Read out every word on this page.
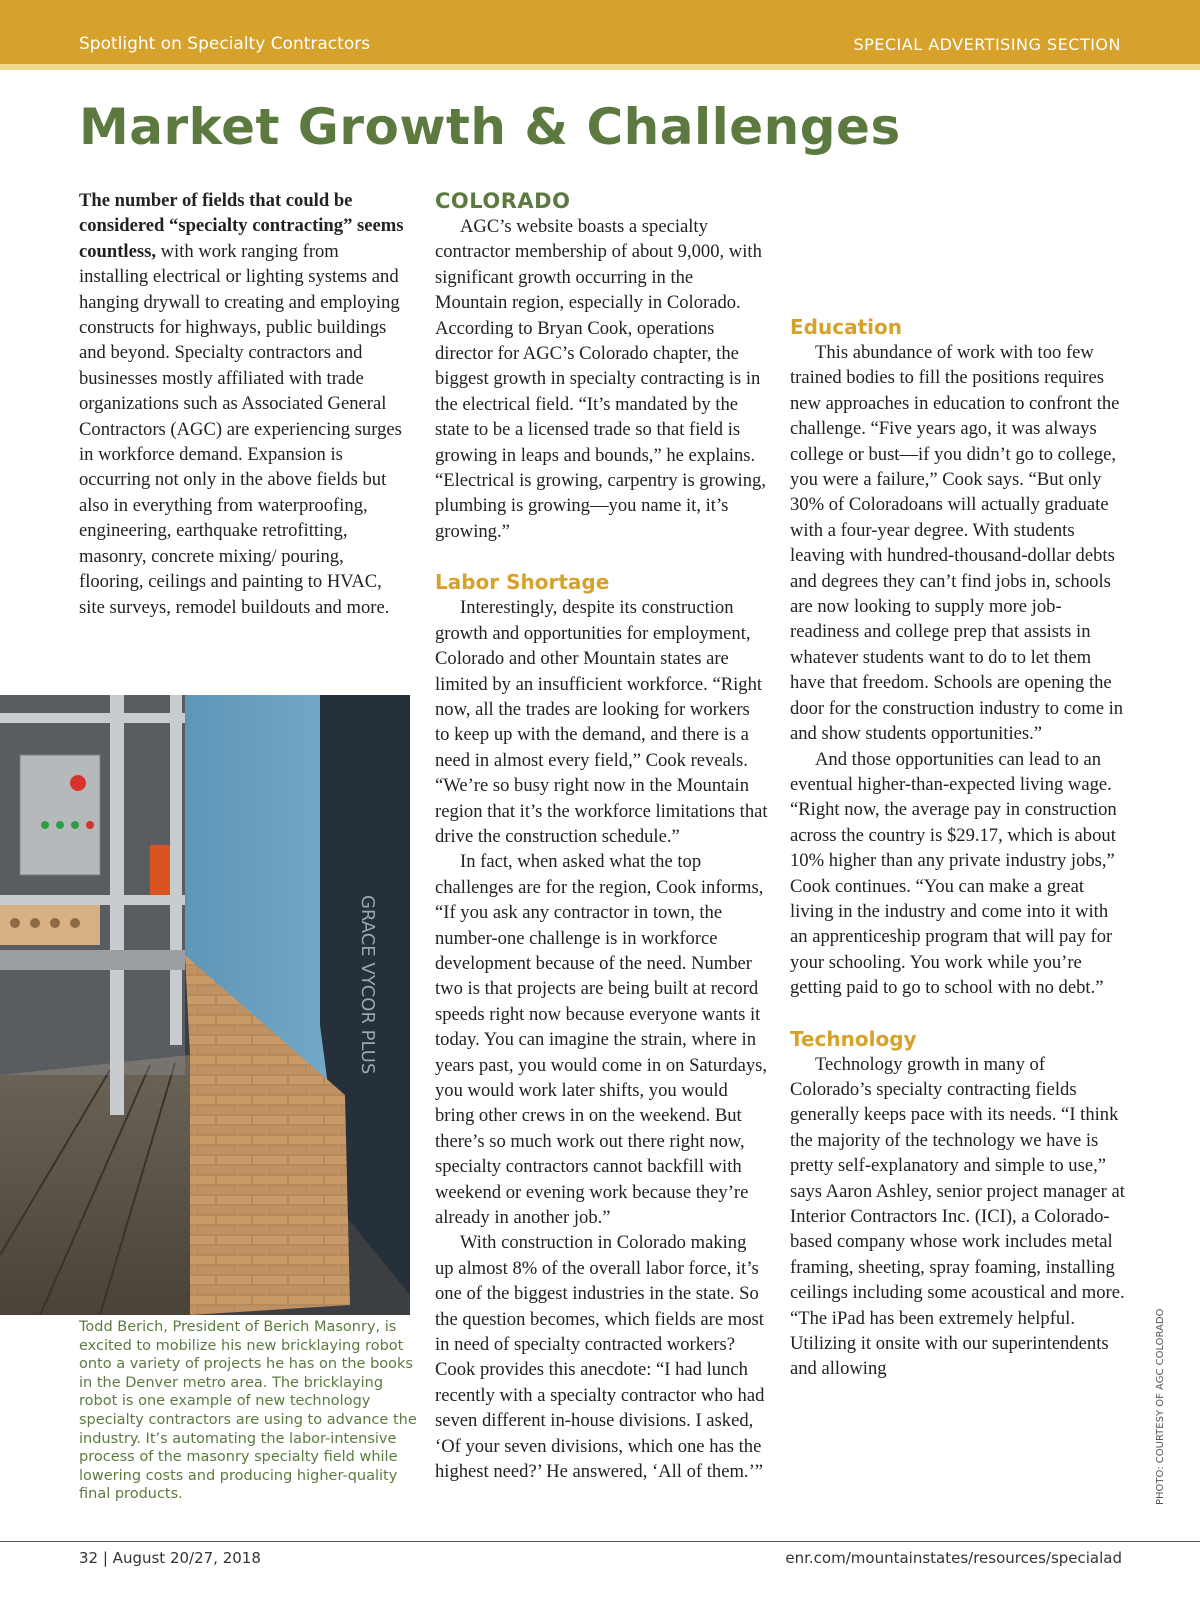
Spotlight on Specialty Contractors	SPECIAL ADVERTISING SECTION
Market Growth & Challenges

The number of fields that could be considered “specialty contracting” seems countless, with work ranging from installing electrical or lighting systems and hanging drywall to creating and employing constructs for highways, public buildings and beyond. Specialty contractors and businesses mostly affiliated with trade organizations such as Associated General Contractors (AGC) are experiencing surges in workforce demand. Expansion is occurring not only in the above fields but also in everything from waterproofing, engineering, earthquake retrofitting, masonry, concrete mixing/ pouring, flooring, ceilings and painting to HVAC, site surveys, remodel buildouts and more.

GRACE VYCOR PLUS

Todd Berich, President of Berich Masonry, is excited to mobilize his new bricklaying robot onto a variety of projects he has on the books in the Denver metro area. The bricklaying robot is one example of new technology specialty contractors are using to advance the industry. It’s automating the labor-intensive process of the masonry specialty field while lowering costs and producing higher-quality final products.

COLORADO

AGC’s website boasts a specialty contractor membership of about 9,000, with significant growth occurring in the Mountain region, especially in Colorado. According to Bryan Cook, operations director for AGC’s Colorado chapter, the biggest growth in specialty contracting is in the electrical field. “It’s mandated by the state to be a licensed trade so that field is growing in leaps and bounds,” he explains. “Electrical is growing, carpentry is growing, plumbing is growing—you name it, it’s growing.”

Labor Shortage

Interestingly, despite its construction growth and opportunities for employment, Colorado and other Mountain states are limited by an insufficient workforce. “Right now, all the trades are looking for workers to keep up with the demand, and there is a need in almost every field,” Cook reveals. “We’re so busy right now in the Mountain region that it’s the workforce limitations that drive the construction schedule.”

In fact, when asked what the top challenges are for the region, Cook informs, “If you ask any contractor in town, the number-one challenge is in workforce development because of the need. Number two is that projects are being built at record speeds right now because everyone wants it today. You can imagine the strain, where in years past, you would come in on Saturdays, you would work later shifts, you would bring other crews in on the weekend. But there’s so much work out there right now, specialty contractors cannot backfill with weekend or evening work because they’re already in another job.”

With construction in Colorado making up almost 8% of the overall labor force, it’s one of the biggest industries in the state. So the question becomes, which fields are most in need of specialty contracted workers? Cook provides this anecdote: “I had lunch recently with a specialty contractor who had seven different in-house divisions. I asked, ‘Of your seven divisions, which one has the highest need?’ He answered, ‘All of them.’”

Education

This abundance of work with too few trained bodies to fill the positions requires new approaches in education to confront the challenge. “Five years ago, it was always college or bust—if you didn’t go to college, you were a failure,” Cook says. “But only 30% of Coloradoans will actually graduate with a four-year degree. With students leaving with hundred-thousand-dollar debts and degrees they can’t find jobs in, schools are now looking to supply more job-readiness and college prep that assists in whatever students want to do to let them have that freedom. Schools are opening the door for the construction industry to come in and show students opportunities.”

And those opportunities can lead to an eventual higher-than-expected living wage. “Right now, the average pay in construction across the country is $29.17, which is about 10% higher than any private industry jobs,” Cook continues. “You can make a great living in the industry and come into it with an apprenticeship program that will pay for your schooling. You work while you’re getting paid to go to school with no debt.”

Technology

Technology growth in many of Colorado’s specialty contracting fields generally keeps pace with its needs. “I think the majority of the technology we have is pretty self-explanatory and simple to use,” says Aaron Ashley, senior project manager at Interior Contractors Inc. (ICI), a Colorado-based company whose work includes metal framing, sheeting, spray foaming, installing ceilings including some acoustical and more. “The iPad has been extremely helpful. Utilizing it onsite with our superintendents and allowing	PHOTO: COURTESY OF AGC COLORADO
32 | August 20/27, 2018	enr.com/mountainstates/resources/specialad
